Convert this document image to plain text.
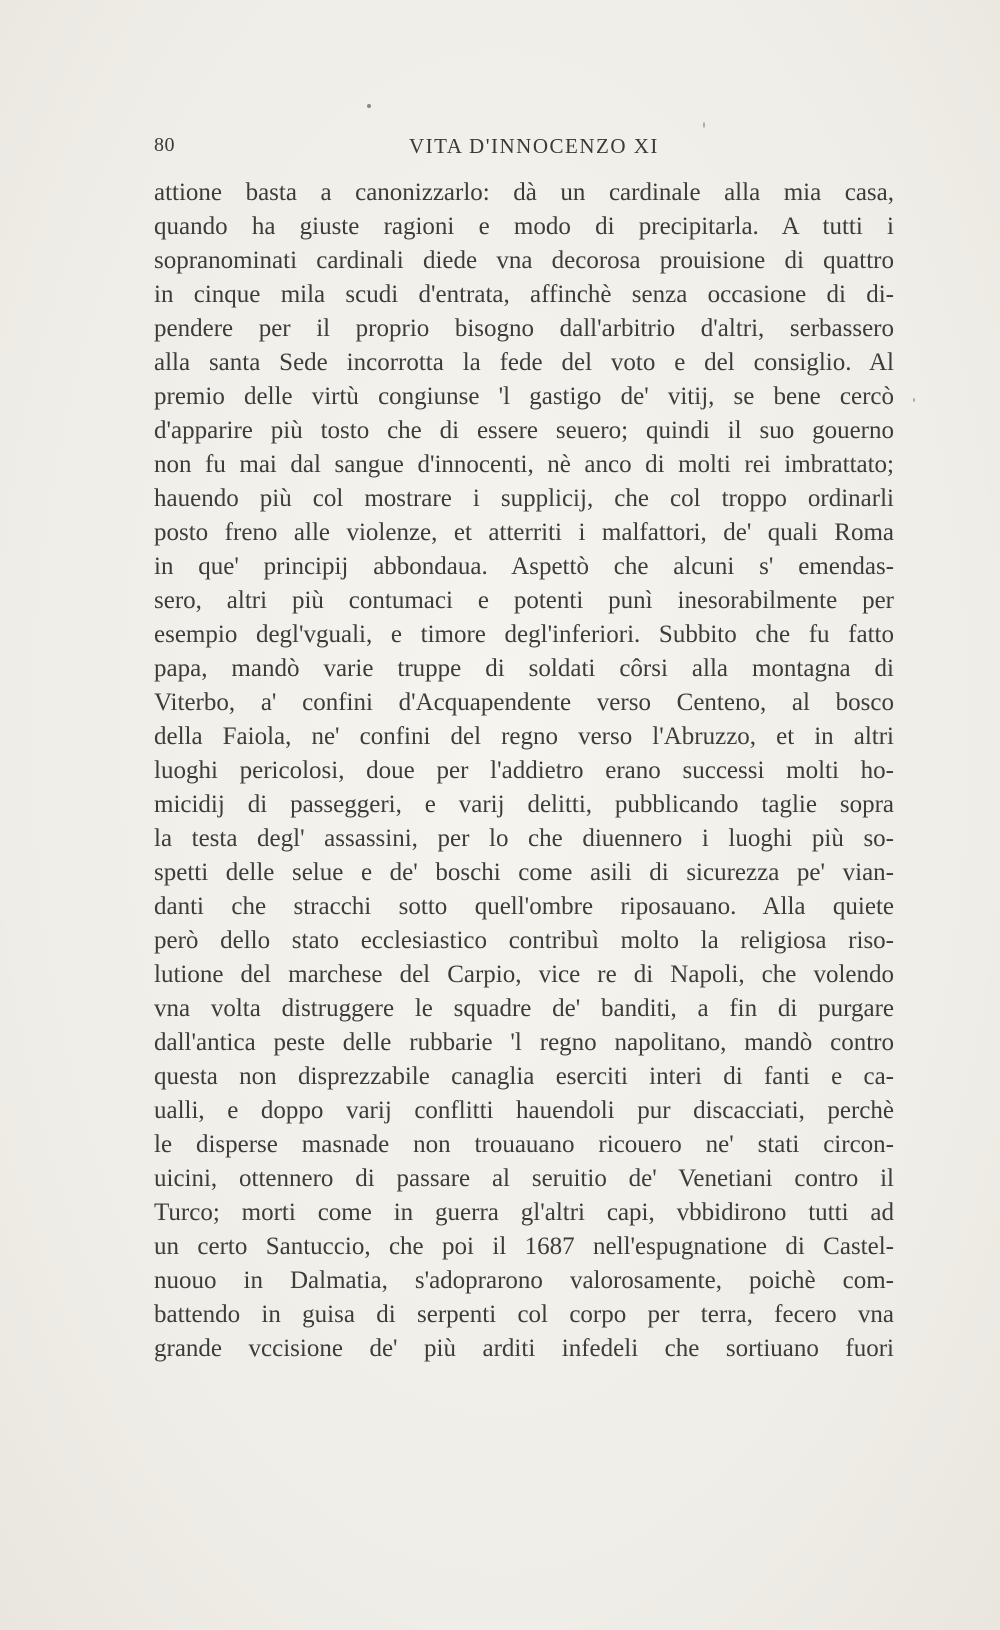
80	VITA D'INNOCENZO XI
attione basta a canonizzarlo: dà un cardinale alla mia casa,
quando ha giuste ragioni e modo di precipitarla. A tutti i
sopranominati cardinali diede vna decorosa prouisione di quattro
in cinque mila scudi d'entrata, affinchè senza occasione di di-
pendere per il proprio bisogno dall'arbitrio d'altri, serbassero
alla santa Sede incorrotta la fede del voto e del consiglio. Al
premio delle virtù congiunse 'l gastigo de' vitij, se bene cercò
d'apparire più tosto che di essere seuero; quindi il suo gouerno
non fu mai dal sangue d'innocenti, nè anco di molti rei imbrattato;
hauendo più col mostrare i supplicij, che col troppo ordinarli
posto freno alle violenze, et atterriti i malfattori, de' quali Roma
in que' principij abbondaua. Aspettò che alcuni s' emendas-
sero, altri più contumaci e potenti punì inesorabilmente per
esempio degl'vguali, e timore degl'inferiori. Subbito che fu fatto
papa, mandò varie truppe di soldati côrsi alla montagna di
Viterbo, a' confini d'Acquapendente verso Centeno, al bosco
della Faiola, ne' confini del regno verso l'Abruzzo, et in altri
luoghi pericolosi, doue per l'addietro erano successi molti ho-
micidij di passeggeri, e varij delitti, pubblicando taglie sopra
la testa degl' assassini, per lo che diuennero i luoghi più so-
spetti delle selue e de' boschi come asili di sicurezza pe' vian-
danti che stracchi sotto quell'ombre riposauano. Alla quiete
però dello stato ecclesiastico contribuì molto la religiosa riso-
lutione del marchese del Carpio, vice re di Napoli, che volendo
vna volta distruggere le squadre de' banditi, a fin di purgare
dall'antica peste delle rubbarie 'l regno napolitano, mandò contro
questa non disprezzabile canaglia eserciti interi di fanti e ca-
ualli, e doppo varij conflitti hauendoli pur discacciati, perchè
le disperse masnade non trouauano ricouero ne' stati circon-
uicini, ottennero di passare al seruitio de' Venetiani contro il
Turco; morti come in guerra gl'altri capi, vbbidirono tutti ad
un certo Santuccio, che poi il 1687 nell'espugnatione di Castel-
nuouo in Dalmatia, s'adoprarono valorosamente, poichè com-
battendo in guisa di serpenti col corpo per terra, fecero vna
grande vccisione de' più arditi infedeli che sortiuano fuori
